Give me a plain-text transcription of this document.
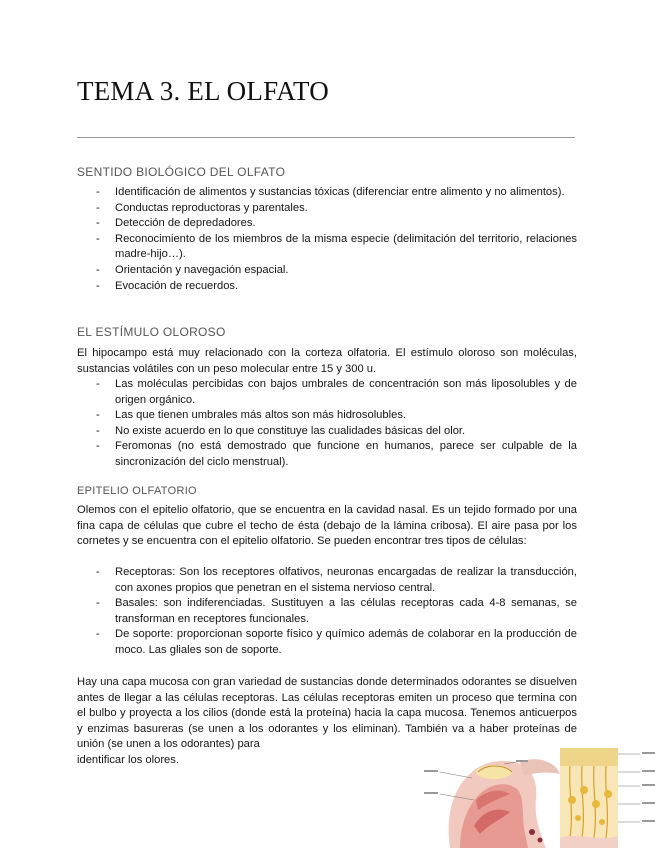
TEMA 3. EL OLFATO
SENTIDO BIOLÓGICO DEL OLFATO
- Identificación de alimentos y sustancias tóxicas (diferenciar entre alimento y no alimentos).
- Conductas reproductoras y parentales.
- Detección de depredadores.
- Reconocimiento de los miembros de la misma especie (delimitación del territorio, relaciones madre-hijo…).
- Orientación y navegación espacial.
- Evocación de recuerdos.
EL ESTÍMULO OLOROSO

El hipocampo está muy relacionado con la corteza olfatoria. El estímulo oloroso son moléculas, sustancias volátiles con un peso molecular entre 15 y 300 u.

- Las moléculas percibidas con bajos umbrales de concentración son más liposolubles y de origen orgánico.
- Las que tienen umbrales más altos son más hidrosolubles.
- No existe acuerdo en lo que constituye las cualidades básicas del olor.
- Feromonas (no está demostrado que funcione en humanos, parece ser culpable de la sincronización del ciclo menstrual).
EPITELIO OLFATORIO

Olemos con el epitelio olfatorio, que se encuentra en la cavidad nasal. Es un tejido formado por una fina capa de células que cubre el techo de ésta (debajo de la lámina cribosa). El aire pasa por los cornetes y se encuentra con el epitelio olfatorio. Se pueden encontrar tres tipos de células:

- Receptoras: Son los receptores olfativos, neuronas encargadas de realizar la transducción, con axones propios que penetran en el sistema nervioso central.
- Basales: son indiferenciadas. Sustituyen a las células receptoras cada 4-8 semanas, se transforman en receptores funcionales.
- De soporte: proporcionan soporte físico y químico además de colaborar en la producción de moco. Las gliales son de soporte.

Hay una capa mucosa con gran variedad de sustancias donde determinados odorantes se disuelven antes de llegar a las células receptoras. Las células receptoras emiten un proceso que termina con el bulbo y proyecta a los cilios (donde está la proteína) hacia la capa mucosa. Tenemos anticuerpos y enzimas basureras (se unen a los odorantes y los eliminan). También va a haber proteínas de unión (se unen a los odorantes) para

identificar los olores.
